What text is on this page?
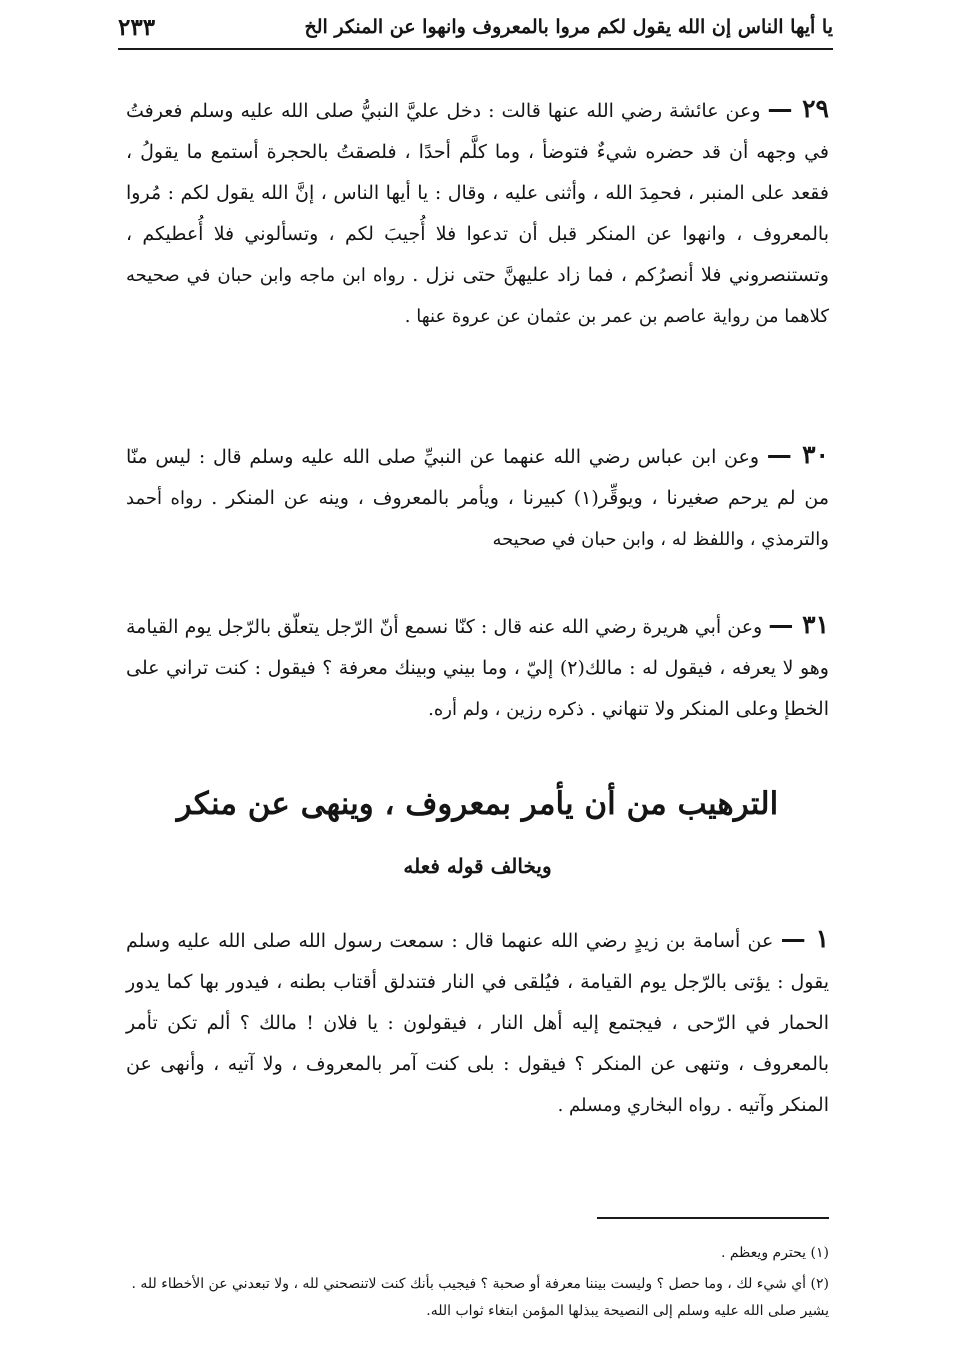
يا أيها الناس إن الله يقول لكم مروا بالمعروف وانهوا عن المنكر الخ
٢٣٣
٢٩ — وعن عائشة رضي الله عنها قالت : دخل عليَّ النبيُّ صلى الله عليه وسلم فعرفتُ في وجهه أن قد حضره شيءٌ فتوضأ ، وما كلَّم أحدًا ، فلصقتُ بالحجرة أستمع ما يقولُ ، فقعد على المنبر ، فحمِدَ الله ، وأثنى عليه ، وقال : يا أيها الناس ، إنَّ الله يقول لكم : مُروا بالمعروف ، وانهوا عن المنكر قبل أن تدعوا فلا أُجيبَ لكم ، وتسألوني فلا أُعطيكم ، وتستنصروني فلا أنصرُكم ، فما زاد عليهنَّ حتى نزل . رواه ابن ماجه وابن حبان في صحيحه كلاهما من رواية عاصم بن عمر بن عثمان عن عروة عنها .
٣٠ — وعن ابن عباس رضي الله عنهما عن النبيِّ صلى الله عليه وسلم قال : ليس منّا من لم يرحم صغيرنا ، ويوقِّر(١) كبيرنا ، ويأمر بالمعروف ، وينه عن المنكر . رواه أحمد والترمذي ، واللفظ له ، وابن حبان في صحيحه
٣١ — وعن أبي هريرة رضي الله عنه قال : كنّا نسمع أنّ الرّجل يتعلّق بالرّجل يوم القيامة وهو لا يعرفه ، فيقول له : مالك(٢) إليّ ، وما بيني وبينك معرفة ؟ فيقول : كنت تراني على الخطإ وعلى المنكر ولا تنهاني . ذكره رزين ، ولم أره.
الترهيب من أن يأمر بمعروف ، وينهى عن منكر
ويخالف قوله فعله
١ — عن أسامة بن زيدٍ رضي الله عنهما قال : سمعت رسول الله صلى الله عليه وسلم يقول : يؤتى بالرّجل يوم القيامة ، فيُلقى في النار فتندلق أقتاب بطنه ، فيدور بها كما يدور الحمار في الرّحى ، فيجتمع إليه أهل النار ، فيقولون : يا فلان ! مالك ؟ ألم تكن تأمر بالمعروف ، وتنهى عن المنكر ؟ فيقول : بلى كنت آمر بالمعروف ، ولا آتيه ، وأنهى عن المنكر وآتيه . رواه البخاري ومسلم .

(١) يحترم ويعظم .

(٢) أي شيء لك ، وما حصل ؟ وليست بيننا معرفة أو صحبة ؟ فيجيب بأنك كنت لاتنصحني لله ، ولا تبعدني عن الأخطاء لله . يشير صلى الله عليه وسلم إلى النصيحة يبذلها المؤمن ابتغاء ثواب الله.
